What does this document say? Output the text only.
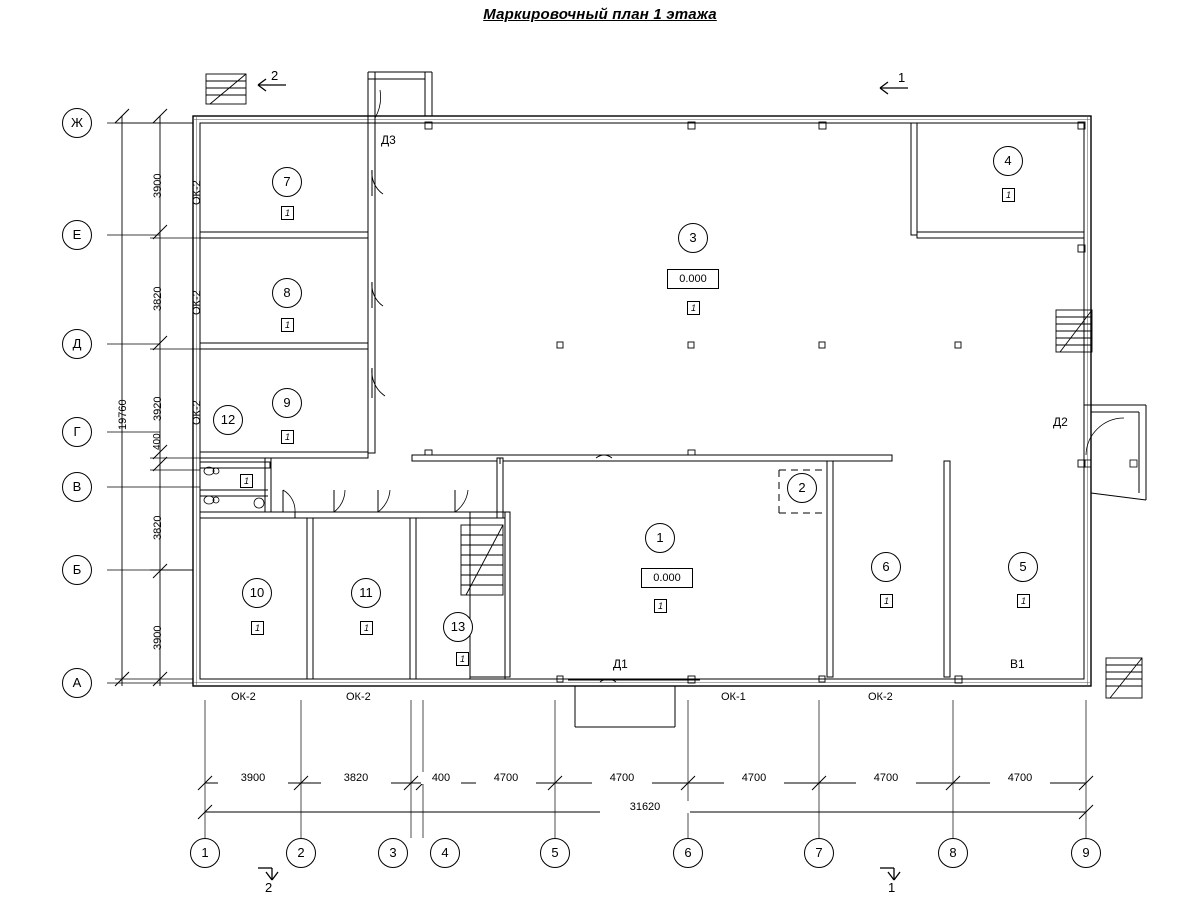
Маркировочный план 1 этажа
Ж
Е
Д
Г
В
Б
А
1	2	3	4	5	6	7	8	9
1
1
0.000
2
3
0.000
1
4
1
5
1
6
1
7
1
8
1
9
1
10
1
11
1
12
1
13
1
ОК-2
ОК-2
ОК-2
ОК-2	ОК-2	ОК-1	ОК-2
Д3
Д2
Д1	В1
2	1
2	1
3900
3820
3920
400
3820
3900
19760
3900	3820	400	4700	4700	4700	4700	4700
31620
